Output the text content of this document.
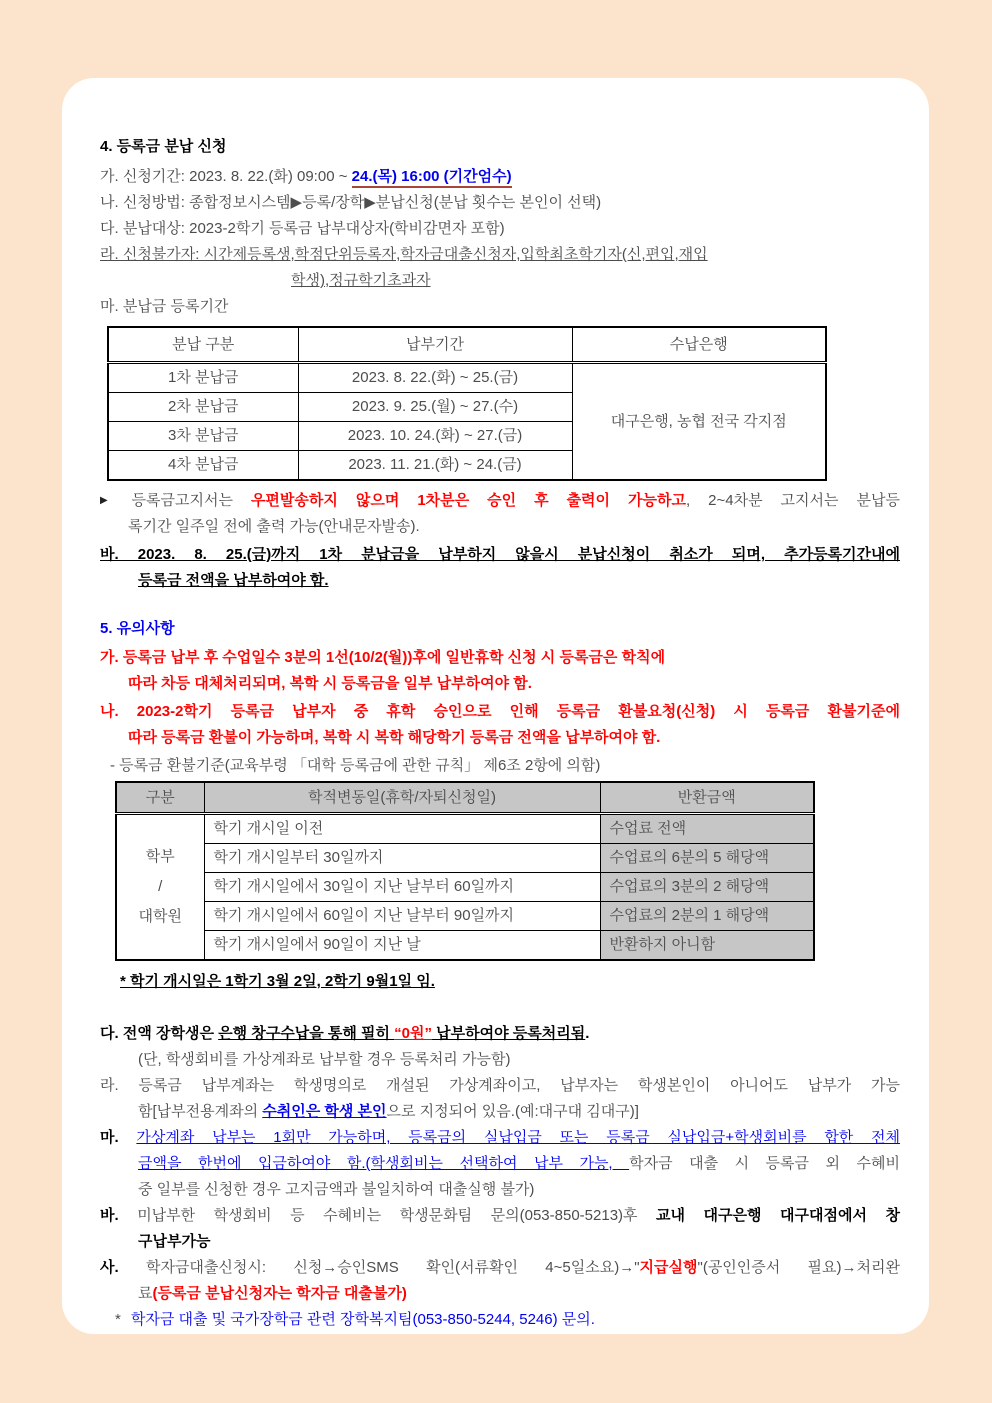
4. 등록금 분납 신청
가. 신청기간: 2023. 8. 22.(화) 09:00 ~ 24.(목) 16:00 (기간엄수)
나. 신청방법: 종합정보시스템▶등록/장학▶분납신청(분납 횟수는 본인이 선택)
다. 분납대상: 2023-2학기 등록금 납부대상자(학비감면자 포함)
라. 신청불가자: 시간제등록생,학점단위등록자,학자금대출신청자,입학최초학기자(신,편입,재입
학생),정규학기초과자
마. 분납금 등록기간
분납 구분	납부기간	수납은행
1차 분납금	2023. 8. 22.(화) ~ 25.(금)	대구은행, 농협 전국 각지점
2차 분납금	2023. 9. 25.(월) ~ 27.(수)	
3차 분납금	2023. 10. 24.(화) ~ 27.(금)	
4차 분납금	2023. 11. 21.(화) ~ 24.(금)	
▶ 등록금고지서는 우편발송하지 않으며 1차분은 승인 후 출력이 가능하고, 2~4차분 고지서는 분납등
록기간 일주일 전에 출력 가능(안내문자발송).
바. 2023. 8. 25.(금)까지 1차 분납금을 납부하지 않을시 분납신청이 취소가 되며, 추가등록기간내에
등록금 전액을 납부하여야 함.
5. 유의사항
가. 등록금 납부 후 수업일수 3분의 1선(10/2(월))후에 일반휴학 신청 시 등록금은 학칙에
따라 차등 대체처리되며, 복학 시 등록금을 일부 납부하여야 함.
나. 2023-2학기 등록금 납부자 중 휴학 승인으로 인해 등록금 환불요청(신청) 시 등록금 환불기준에
따라 등록금 환불이 가능하며, 복학 시 복학 해당학기 등록금 전액을 납부하여야 함.
- 등록금 환불기준(교육부령 「대학 등록금에 관한 규칙」 제6조 2항에 의함)
구분	학적변동일(휴학/자퇴신청일)	반환금액

학부
/
대학원	학기 개시일 이전	수업료 전액
	학기 개시일부터 30일까지	수업료의 6분의 5 해당액
	학기 개시일에서 30일이 지난 날부터 60일까지	수업료의 3분의 2 해당액
	학기 개시일에서 60일이 지난 날부터 90일까지	수업료의 2분의 1 해당액
	학기 개시일에서 90일이 지난 날	반환하지 아니함
* 학기 개시일은 1학기 3월 2일, 2학기 9월1일 임.
다. 전액 장학생은 은행 창구수납을 통해 필히 “0원” 납부하여야 등록처리됨.
(단, 학생회비를 가상계좌로 납부할 경우 등록처리 가능함)
라. 등록금 납부계좌는 학생명의로 개설된 가상계좌이고, 납부자는 학생본인이 아니어도 납부가 가능
함[납부전용계좌의 수취인은 학생 본인으로 지정되어 있음.(예:대구대 김대구)]
마. 가상계좌 납부는 1회만 가능하며, 등록금의 실납입금 또는 등록금 실납입금+학생회비를 합한 전체
금액을 한번에 입금하여야 함.(학생회비는 선택하여 납부 가능, 학자금 대출 시 등록금 외 수혜비
중 일부를 신청한 경우 고지금액과 불일치하여 대출실행 불가)
바. 미납부한 학생회비 등 수혜비는 학생문화팀 문의(053-850-5213)후 교내 대구은행 대구대점에서 창
구납부가능
사. 학자금대출신청시: 신청→승인SMS 확인(서류확인 4~5일소요)→"지급실행"(공인인증서 필요)→처리완
료(등록금 분납신청자는 학자금 대출불가)
* 학자금 대출 및 국가장학금 관련 장학복지팀(053-850-5244, 5246) 문의.
